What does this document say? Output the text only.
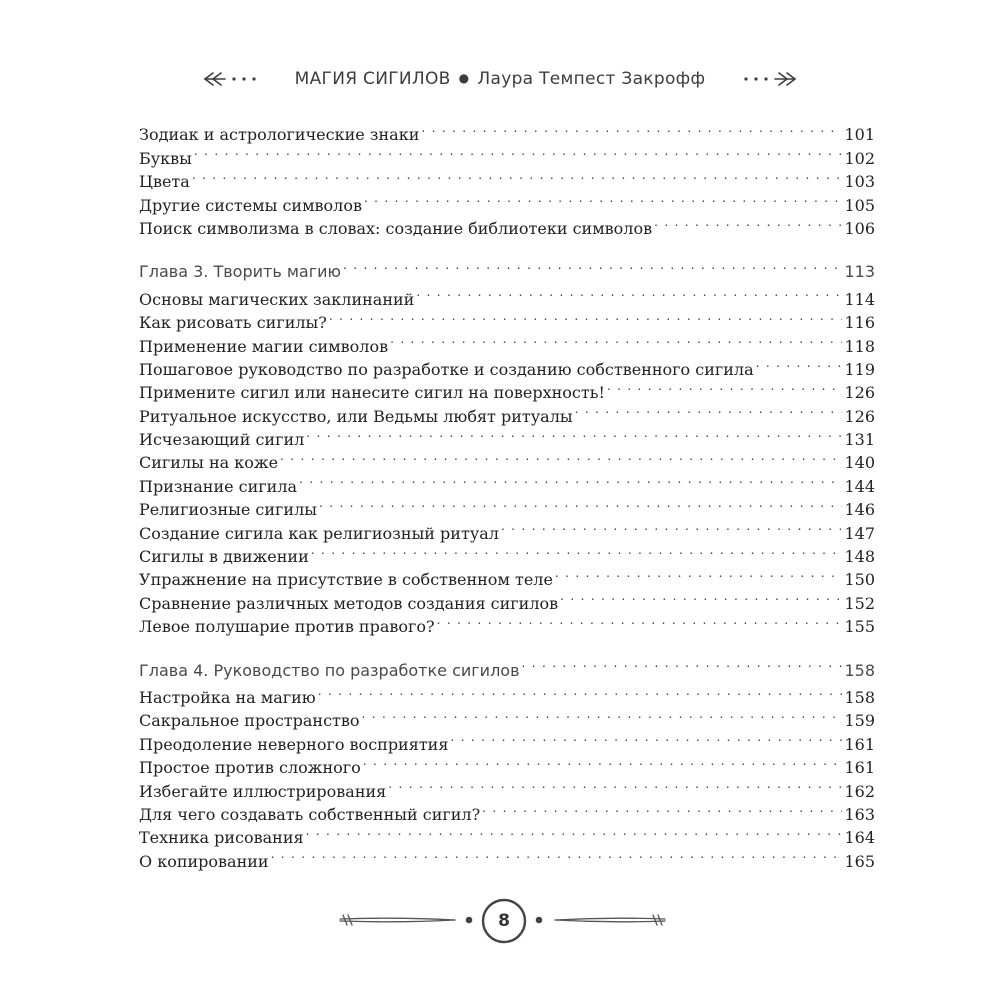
МАГИЯ СИГИЛОВ ● Лаура Темпест Закрофф
Зодиак и астрологические знаки . . .	101
Буквы . . .	102
Цвета . . .	103
Другие системы символов . . .	105
Поиск символизма в словах: создание библиотеки символов . . .	106
Глава 3. Творить магию . . .	113
Основы магических заклинаний . . .	114
Как рисовать сигилы? . . .	116
Применение магии символов . . .	118
Пошаговое руководство по разработке и созданию собственного сигила . . .	119
Примените сигил или нанесите сигил на поверхность! . . .	126
Ритуальное искусство, или Ведьмы любят ритуалы . . .	126
Исчезающий сигил . . .	131
Сигилы на коже . . .	140
Признание сигила . . .	144
Религиозные сигилы . . .	146
Создание сигила как религиозный ритуал . . .	147
Сигилы в движении . . .	148
Упражнение на присутствие в собственном теле . . .	150
Сравнение различных методов создания сигилов . . .	152
Левое полушарие против правого? . . .	155
Глава 4. Руководство по разработке сигилов . . .	158
Настройка на магию . . .	158
Сакральное пространство . . .	159
Преодоление неверного восприятия . . .	161
Простое против сложного . . .	161
Избегайте иллюстрирования . . .	162
Для чего создавать собственный сигил? . . .	163
Техника рисования . . .	164
О копировании . . .	165
8
